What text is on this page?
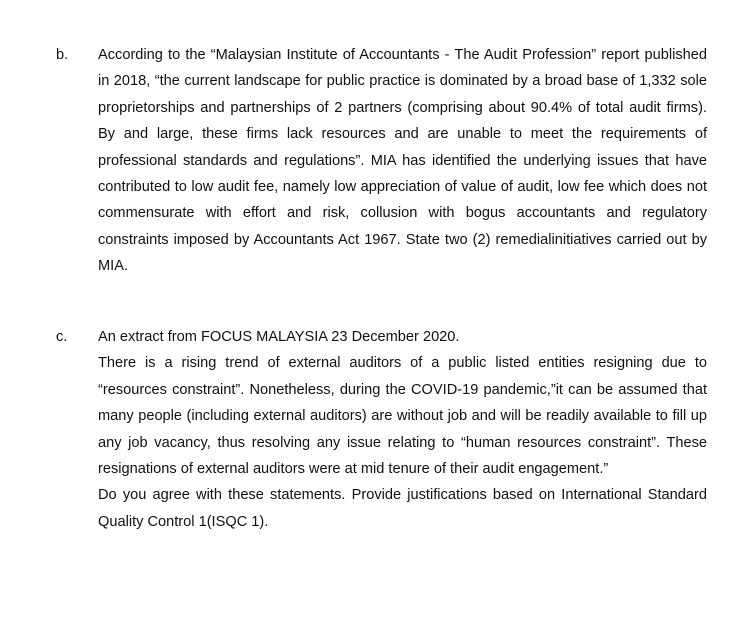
b. According to the “Malaysian Institute of Accountants - The Audit Profession” report published in 2018, “the current landscape for public practice is dominated by a broad base of 1,332 sole proprietorships and partnerships of 2 partners (comprising about 90.4% of total audit firms). By and large, these firms lack resources and are unable to meet the requirements of professional standards and regulations”. MIA has identified the underlying issues that have contributed to low audit fee, namely low appreciation of value of audit, low fee which does not commensurate with effort and risk, collusion with bogus accountants and regulatory constraints imposed by Accountants Act 1967. State two (2) remedialinitiatives carried out by MIA.

c. An extract from FOCUS MALAYSIA 23 December 2020.

There is a rising trend of external auditors of a public listed entities resigning due to “resources constraint”. Nonetheless, during the COVID-19 pandemic,”it can be assumed that many people (including external auditors) are without job and will be readily available to fill up any job vacancy, thus resolving any issue relating to “human resources constraint”. These resignations of external auditors were at mid tenure of their audit engagement.”

Do you agree with these statements. Provide justifications based on International Standard Quality Control 1(ISQC 1).
